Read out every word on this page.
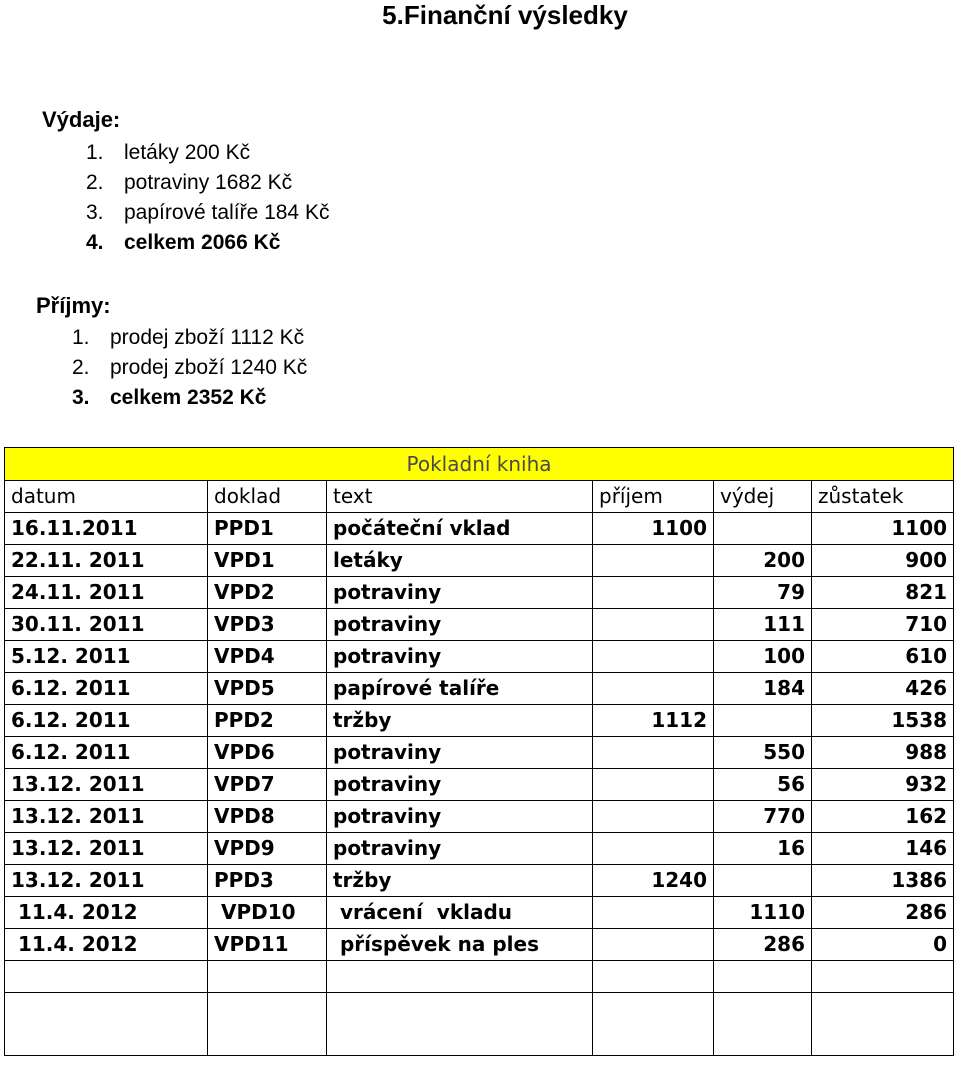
5.Finanční výsledky
Výdaje:
1. letáky 200 Kč
2. potraviny 1682 Kč
3. papírové talíře 184 Kč
4. celkem 2066 Kč
Příjmy:
1. prodej zboží 1112 Kč
2. prodej zboží 1240 Kč
3. celkem 2352 Kč
Pokladní kniha					
datum	doklad	text	příjem	výdej	zůstatek
16.11.2011	PPD1	počáteční vklad	1100		1100
22.11. 2011	VPD1	letáky		200	900
24.11. 2011	VPD2	potraviny		79	821
30.11. 2011	VPD3	potraviny		111	710
5.12. 2011	VPD4	potraviny		100	610
6.12. 2011	VPD5	papírové talíře		184	426
6.12. 2011	PPD2	tržby	1112		1538
6.12. 2011	VPD6	potraviny		550	988
13.12. 2011	VPD7	potraviny		56	932
13.12. 2011	VPD8	potraviny		770	162
13.12. 2011	VPD9	potraviny		16	146
13.12. 2011	PPD3	tržby	1240		1386
11.4. 2012	VPD10	vrácení  vkladu		1110	286
11.4. 2012	VPD11	příspěvek na ples		286	0
